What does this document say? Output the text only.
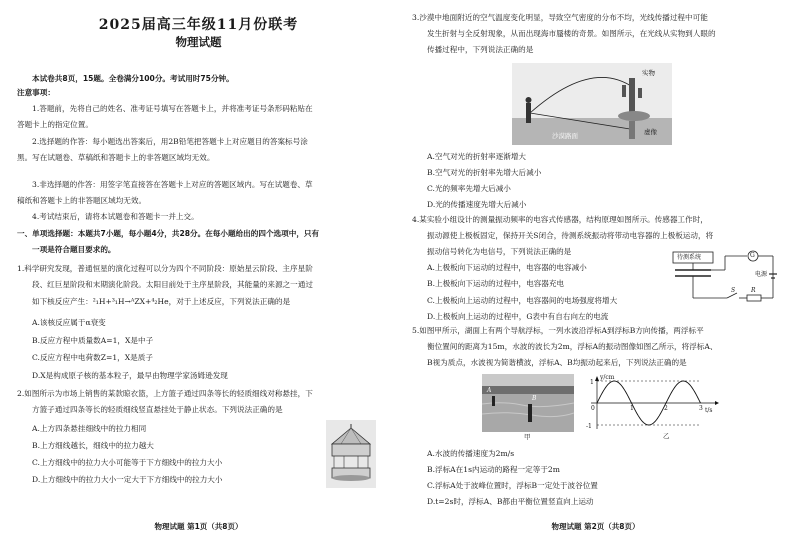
2025届高三年级11月份联考
物理试题
本试卷共8页，15题。全卷满分100分。考试用时75分钟。
注意事项：
1.答题前，先将自己的姓名、准考证号填写在答题卡上，并将准考证号条形码粘贴在
答题卡上的指定位置。
2.选择题的作答：每小题选出答案后，用2B铅笔把答题卡上对应题目的答案标号涂
黑。写在试题卷、草稿纸和答题卡上的非答题区域均无效。
3.非选择题的作答：用签字笔直接答在答题卡上对应的答题区域内。写在试题卷、草
稿纸和答题卡上的非答题区域均无效。
4.考试结束后，请将本试题卷和答题卡一并上交。
一、单项选择题：本题共7小题，每小题4分，共28分。在每小题给出的四个选项中，只有
一项是符合题目要求的。
1.科学研究发现，普通恒星的演化过程可以分为四个不同阶段：原始星云阶段、主序星阶
段、红巨星阶段和末期演化阶段。太阳目前处于主序星阶段，其能量的来源之一通过
如下核反应产生：²₁H+³₁H→ᴬZX+⁴₂He，对于上述反应，下列说法正确的是
A.该核反应属于α衰变
B.反应方程中质量数A=1，X是中子
C.反应方程中电荷数Z=1，X是质子
D.X是构成原子核的基本粒子，最早由物理学家汤姆逊发现
2.如图所示为市场上销售的某款晾衣篮，上方篮子通过四条等长的轻质细线对称悬挂，下
方篮子通过四条等长的轻质细线竖直悬挂处于静止状态。下列说法正确的是
A.上方四条悬挂细线中的拉力相同
B.上方细线越长，细线中的拉力越大
C.上方细线中的拉力大小可能等于下方细线中的拉力大小
D.上方细线中的拉力大小一定大于下方细线中的拉力大小
物理试题 第1页（共8页）
3.沙漠中地面附近的空气温度变化明显，导致空气密度的分布不均，光线传播过程中可能
发生折射与全反射现象，从而出现海市蜃楼的奇景。如图所示，在光线从实物到人眼的
传播过程中，下列说法正确的是
实物
虚像
沙漠路面
A.空气对光的折射率逐渐增大
B.空气对光的折射率先增大后减小
C.光的频率先增大后减小
D.光的传播速度先增大后减小
4.某实验小组设计的测量振动频率的电容式传感器，结构原理如图所示。传感器工作时，
振动源使上极板固定，保持开关S闭合，待测系统振动将带动电容器的上极板运动，将
振动信号转化为电信号，下列说法正确的是
待测系统	G
电源
S	R
A.上极板向下运动的过程中，电容器的电容减小
B.上极板向下运动的过程中，电容器充电
C.上极板向上运动的过程中，电容器间的电场强度将增大
D.上极板向上运动的过程中，G表中有自右向左的电流
5.如图甲所示，湖面上有两个导航浮标，一列水波沿浮标A到浮标B方向传播，两浮标平
衡位置间的距离为15m，水波的波长为2m，浮标A的振动图像如图乙所示，将浮标A、
B视为质点，水波视为简谐横波，浮标A、B均振动起来后，下列说法正确的是
A
B
甲
y/cm
t/s
0	1	2	3
1
-1
乙
A.水波的传播速度为2m/s
B.浮标A在1s内运动的路程一定等于2m
C.浮标A处于波峰位置时，浮标B一定处于波谷位置
D.t=2s时，浮标A、B都由平衡位置竖直向上运动
物理试题 第2页（共8页）
